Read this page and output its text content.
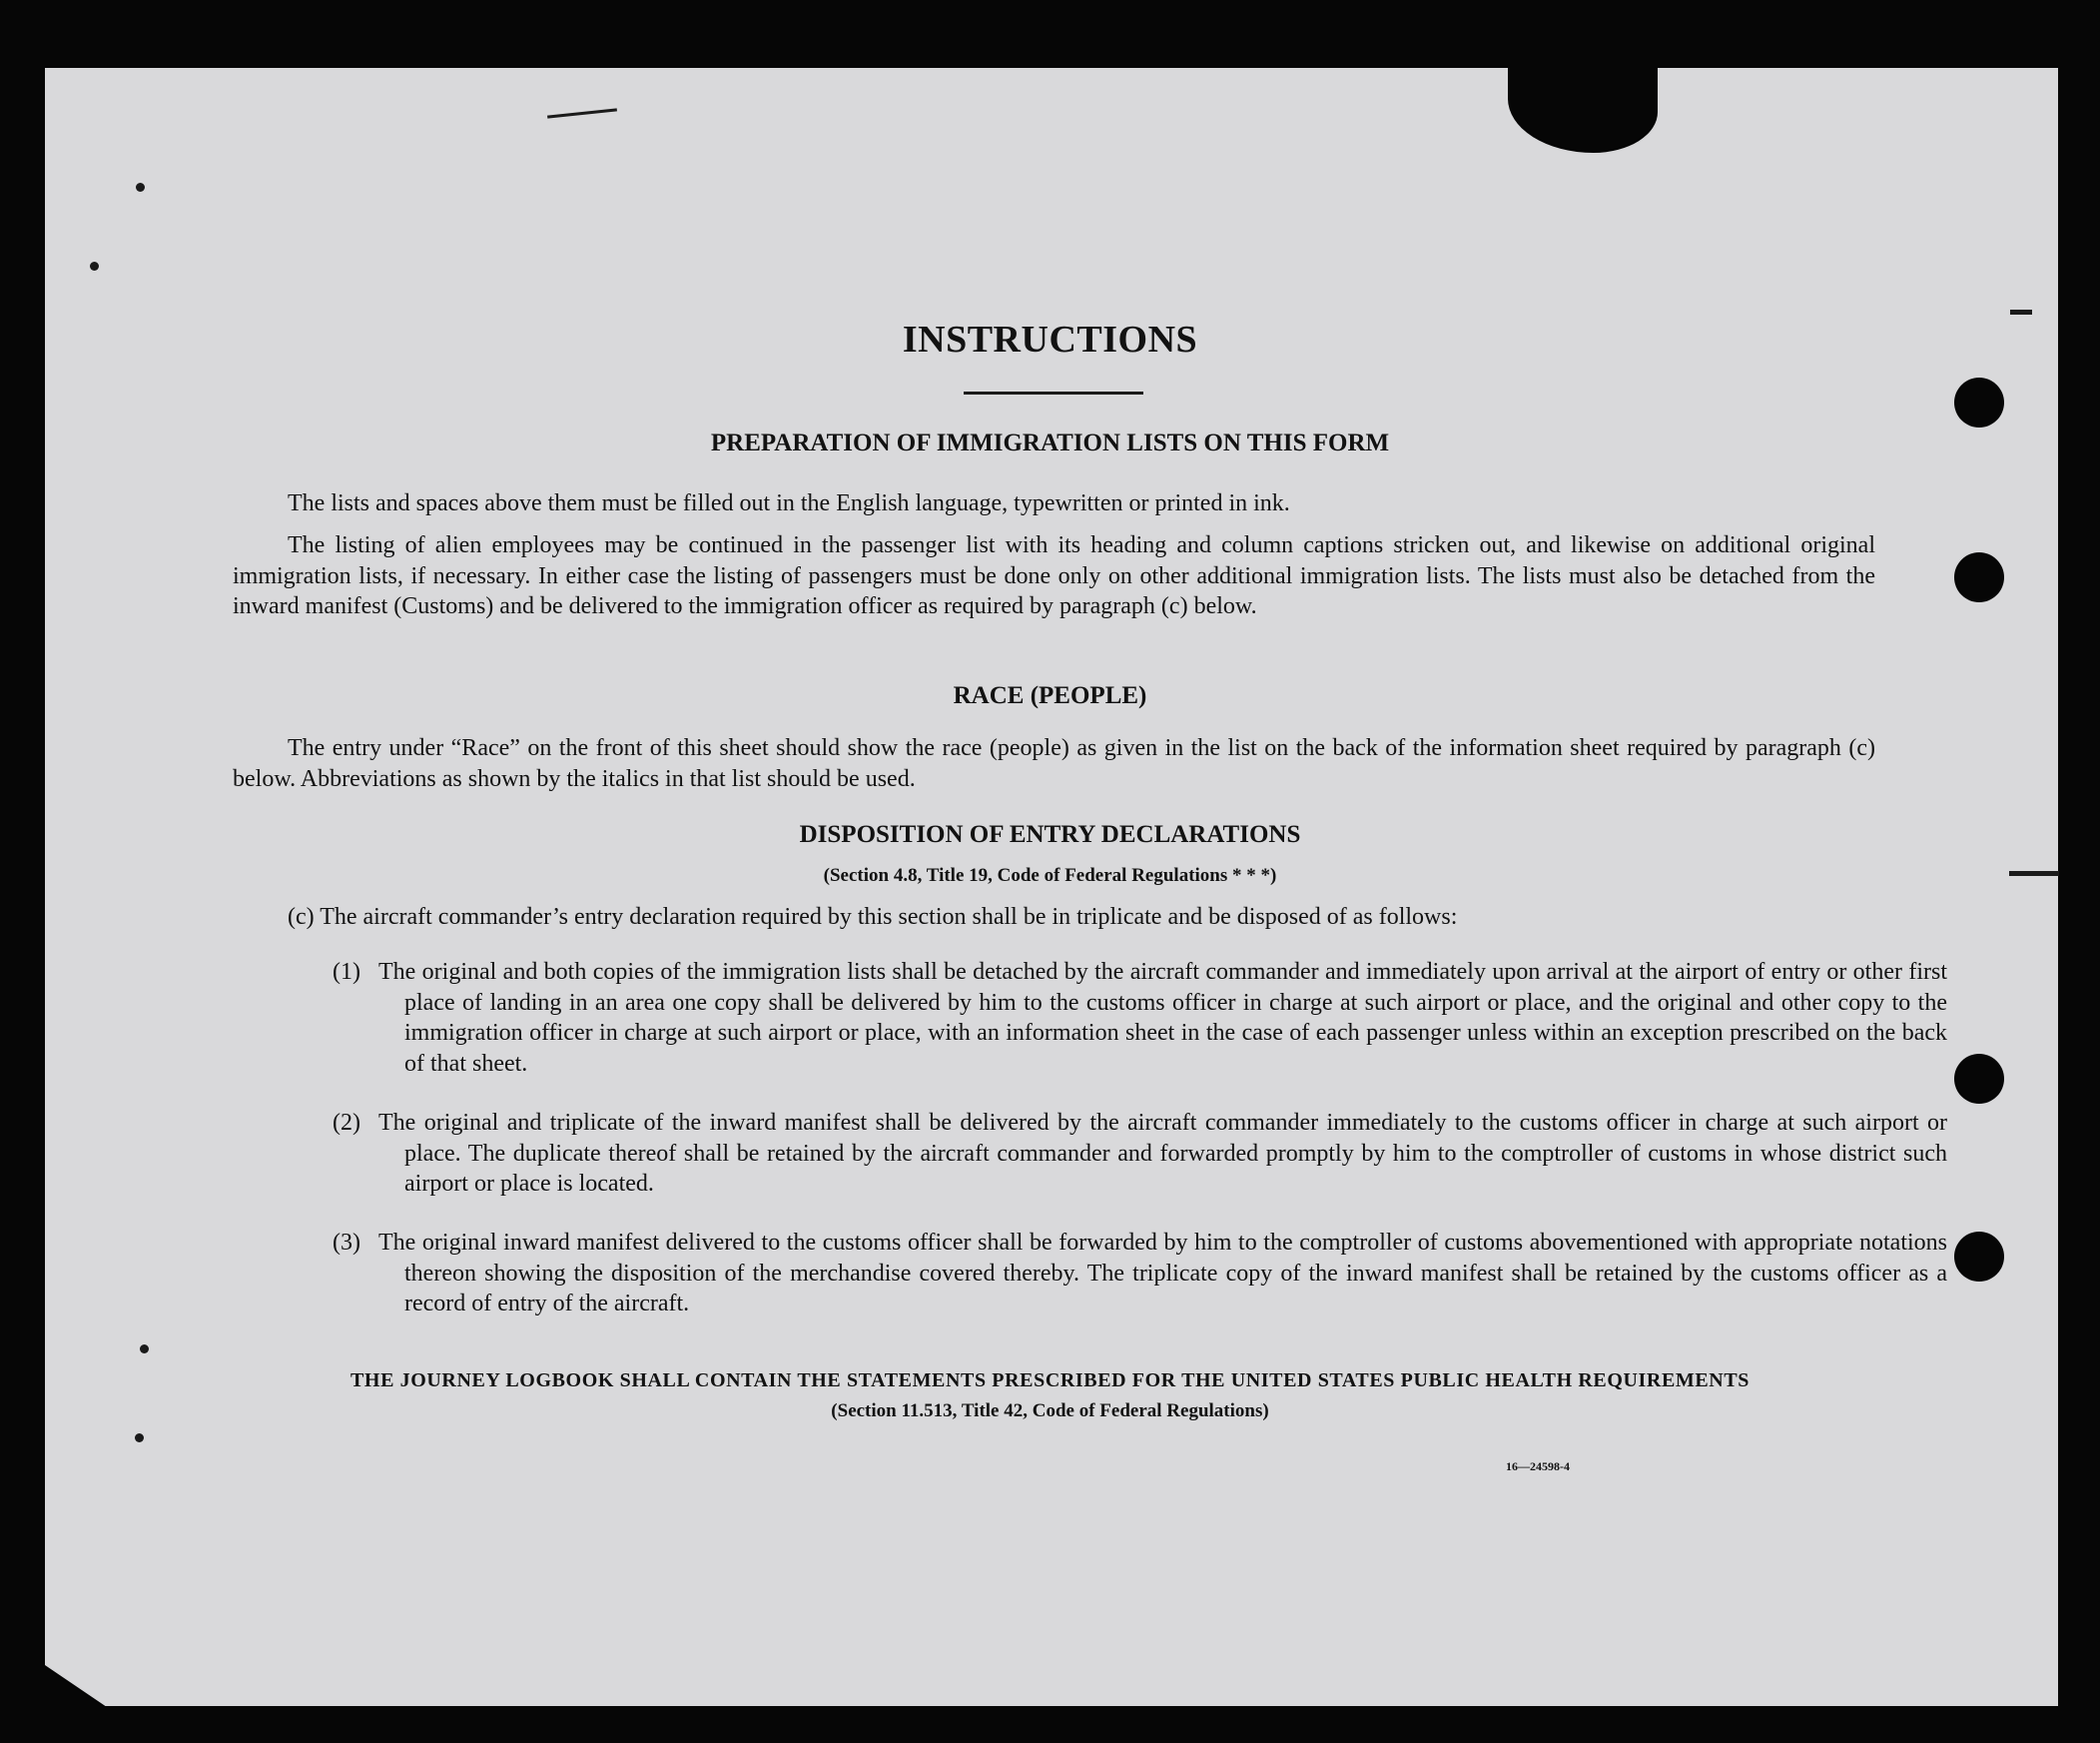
INSTRUCTIONS
PREPARATION OF IMMIGRATION LISTS ON THIS FORM

The lists and spaces above them must be filled out in the English language, typewritten or printed in ink.

The listing of alien employees may be continued in the passenger list with its heading and column captions stricken out, and likewise on additional original immigration lists, if necessary. In either case the listing of passengers must be done only on other additional immigration lists. The lists must also be detached from the inward manifest (Customs) and be delivered to the immigration officer as required by paragraph (c) below.

RACE (PEOPLE)

The entry under “Race” on the front of this sheet should show the race (people) as given in the list on the back of the information sheet required by paragraph (c) below. Abbreviations as shown by the italics in that list should be used.

DISPOSITION OF ENTRY DECLARATIONS

(Section 4.8, Title 19, Code of Federal Regulations * * *)

(c) The aircraft commander’s entry declaration required by this section shall be in triplicate and be disposed of as follows:

(1) The original and both copies of the immigration lists shall be detached by the aircraft commander and immediately upon arrival at the airport of entry or other first place of landing in an area one copy shall be delivered by him to the customs officer in charge at such airport or place, and the original and other copy to the immigration officer in charge at such airport or place, with an information sheet in the case of each passenger unless within an exception prescribed on the back of that sheet.

(2) The original and triplicate of the inward manifest shall be delivered by the aircraft commander immediately to the customs officer in charge at such airport or place. The duplicate thereof shall be retained by the aircraft commander and forwarded promptly by him to the comptroller of customs in whose district such airport or place is located.

(3) The original inward manifest delivered to the customs officer shall be forwarded by him to the comptroller of customs abovementioned with appropriate notations thereon showing the disposition of the merchandise covered thereby. The triplicate copy of the inward manifest shall be retained by the customs officer as a record of entry of the aircraft.

THE JOURNEY LOGBOOK SHALL CONTAIN THE STATEMENTS PRESCRIBED FOR THE UNITED STATES PUBLIC HEALTH REQUIREMENTS

(Section 11.513, Title 42, Code of Federal Regulations)

16—24598-4
